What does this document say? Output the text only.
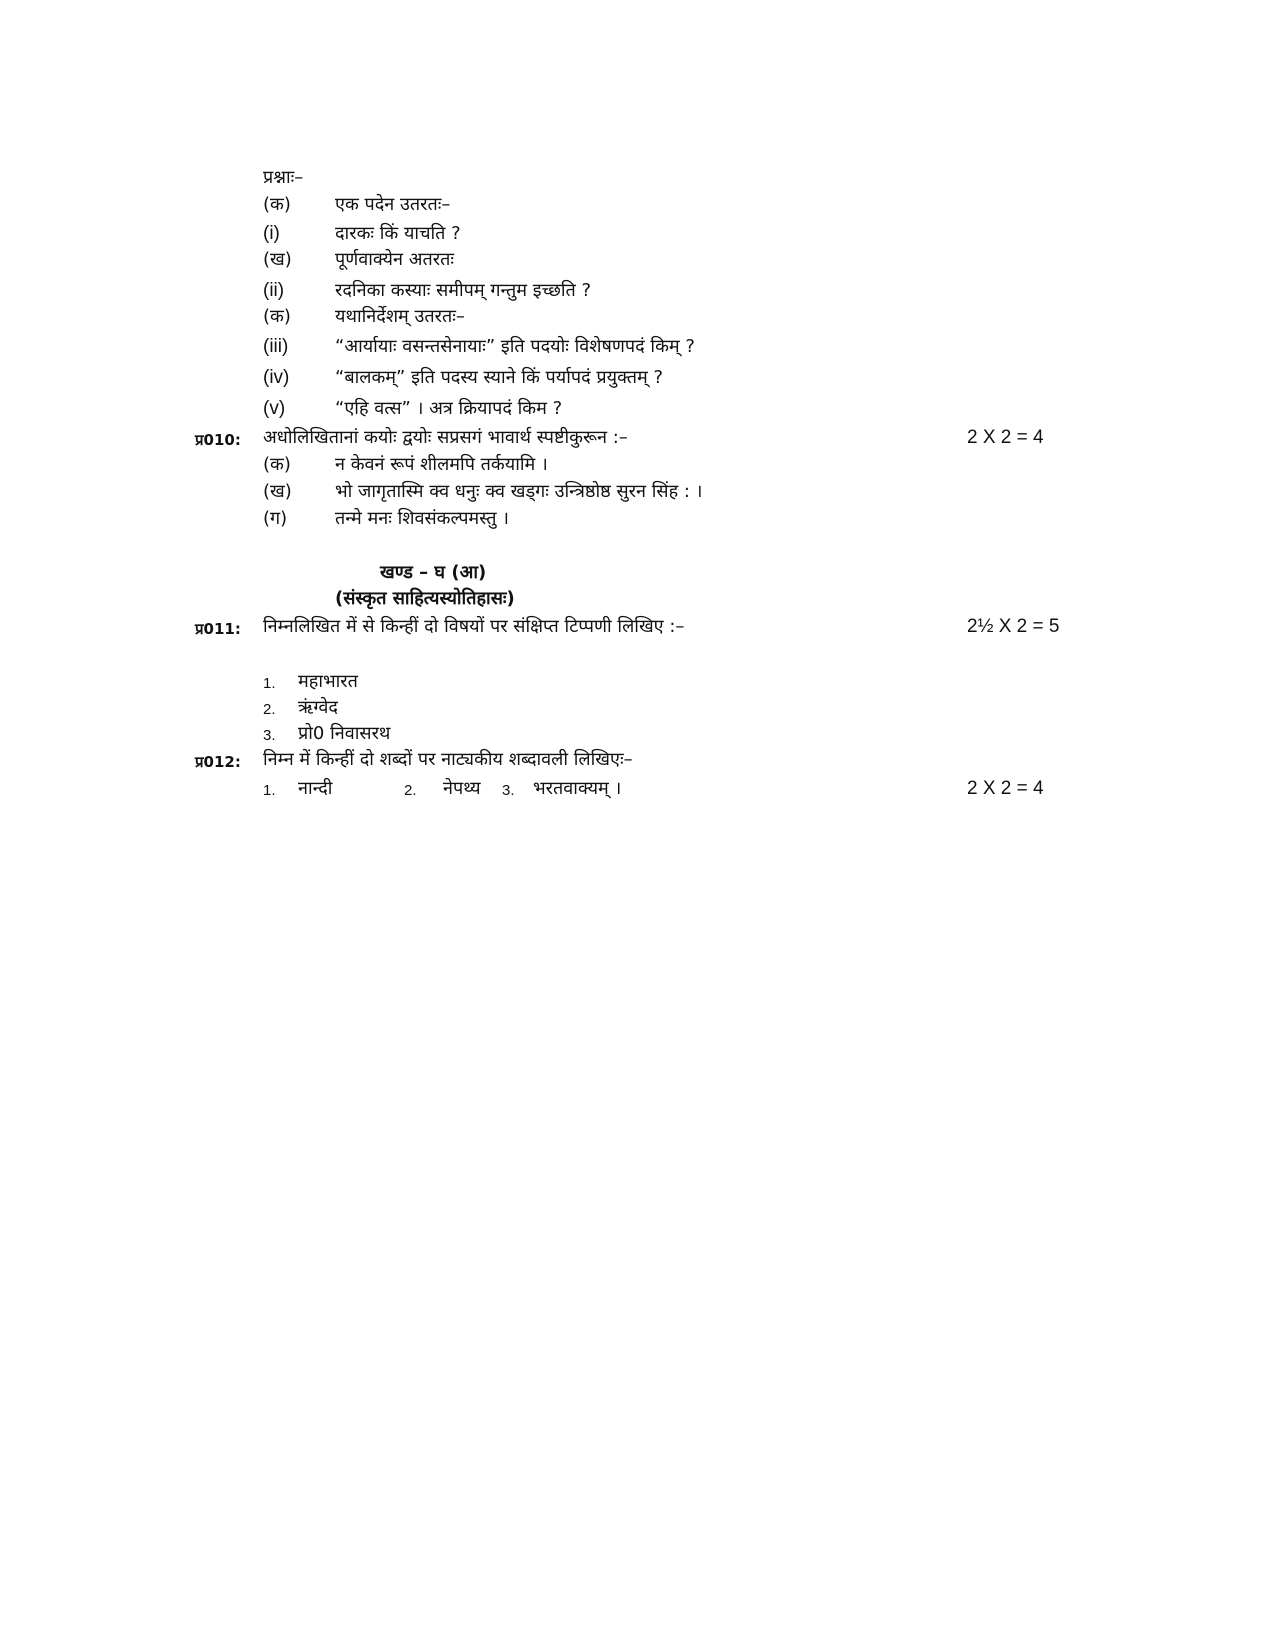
प्रश्नाः–
(क) एक पदेन उतरतः–
(i)	दारकः किं याचति ?
(ख) पूर्णवाक्येन अतरतः
(ii)	रदनिका कस्याः समीपम् गन्तुम इच्छति ?
(क) यथानिर्देशम् उतरतः–
(iii)	“आर्यायाः वसन्तसेनायाः” इति पदयोः विशेषणपदं किम् ?
(iv)	“बालकम्” इति पदस्य स्याने किं पर्यापदं प्रयुक्तम् ?
(v)	“एहि वत्स” । अत्र क्रियापदं किम ?
प्र010: अधोलिखितानां कयोः द्वयोः सप्रसगं भावार्थ स्पष्टीकुरून :–	2 X 2 = 4
(क) न केवनं रूपं शीलमपि तर्कयामि ।
(ख) भो जागृतास्मि क्व धनुः क्व खड्गः उन्त्रिष्ठोष्ठ सुरन सिंह : ।
(ग)	तन्मे मनः शिवसंकल्पमस्तु ।
खण्ड – घ (आ)
(संस्कृत साहित्यस्योतिहासः)
प्र011: निम्नलिखित में से किन्हीं दो विषयों पर संक्षिप्त टिप्पणी लिखिए :–	2½ X 2 = 5
1. महाभारत
2. ऋंग्वेद
3. प्रो0 निवासरथ
प्र012: निम्न में किन्हीं दो शब्दों पर नाट्यकीय शब्दावली लिखिएः–
1. नान्दी	2. नेपथ्य 3. भरतवाक्यम् ।	2 X 2 = 4
